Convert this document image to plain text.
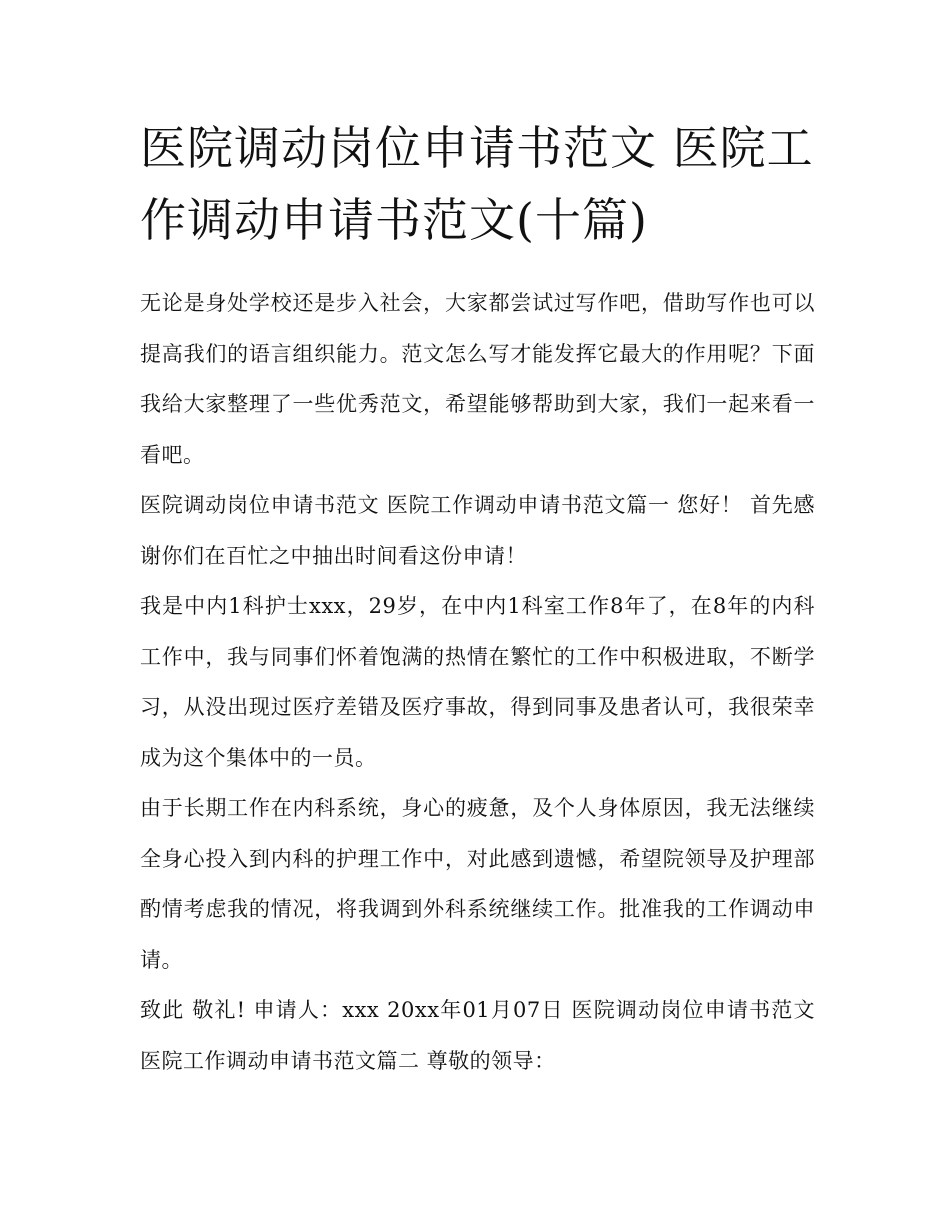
医院调动岗位申请书范文 医院工作调动申请书范文(十篇)

无论是身处学校还是步入社会，大家都尝试过写作吧，借助写作也可以提高我们的语言组织能力。范文怎么写才能发挥它最大的作用呢？下面我给大家整理了一些优秀范文，希望能够帮助到大家，我们一起来看一看吧。

医院调动岗位申请书范文 医院工作调动申请书范文篇一 您好！ 首先感谢你们在百忙之中抽出时间看这份申请！

我是中内1科护士xxx，29岁，在中内1科室工作8年了，在8年的内科工作中，我与同事们怀着饱满的热情在繁忙的工作中积极进取，不断学习，从没出现过医疗差错及医疗事故，得到同事及患者认可，我很荣幸成为这个集体中的一员。

由于长期工作在内科系统，身心的疲惫，及个人身体原因，我无法继续全身心投入到内科的护理工作中，对此感到遗憾，希望院领导及护理部酌情考虑我的情况，将我调到外科系统继续工作。批准我的工作调动申请。

致此 敬礼! 申请人：xxx 20xx年01月07日 医院调动岗位申请书范文 医院工作调动申请书范文篇二 尊敬的领导：
